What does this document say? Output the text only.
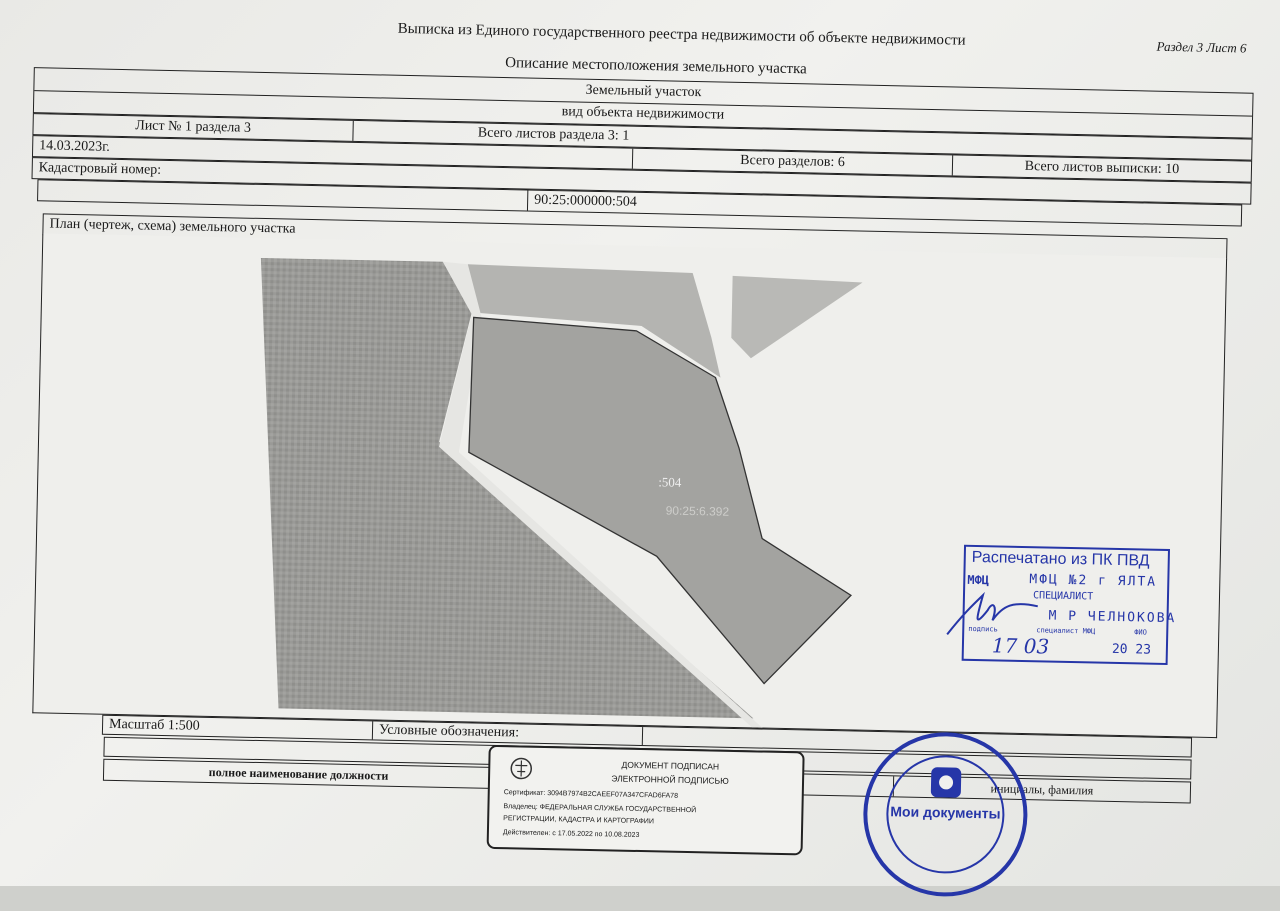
Выписка из Единого государственного реестра недвижимости об объекте недвижимости	Раздел 3 Лист 6
Описание местоположения земельного участка
Земельный участок
вид объекта недвижимости
Лист № 1 раздела 3	Всего листов раздела 3: 1
14.03.2023г.
Всего разделов: 6	Всего листов выписки: 10
Кадастровый номер:
90:25:000000:504
План (чертеж, схема) земельного участка
:504
90:25:6.392
Масштаб 1:500	Условные обозначения:
полное наименование должности
инициалы, фамилия
Распечатано из ПК ПВД
МФЦ	МФЦ №2 г ЯЛТА
СПЕЦИАЛИСТ
М Р ЧЕЛНОКОВА
подпись	специалист МФЦ	ФИО
17 03	20 23
ДОКУМЕНТ ПОДПИСАН
ЭЛЕКТРОННОЙ ПОДПИСЬЮ
Сертификат: 3094B7974B2CAEEF07A347CFAD6FA78
Владелец: ФЕДЕРАЛЬНАЯ СЛУЖБА ГОСУДАРСТВЕННОЙ
РЕГИСТРАЦИИ, КАДАСТРА И КАРТОГРАФИИ
Действителен: с 17.05.2022 по 10.08.2023
Мои документы
